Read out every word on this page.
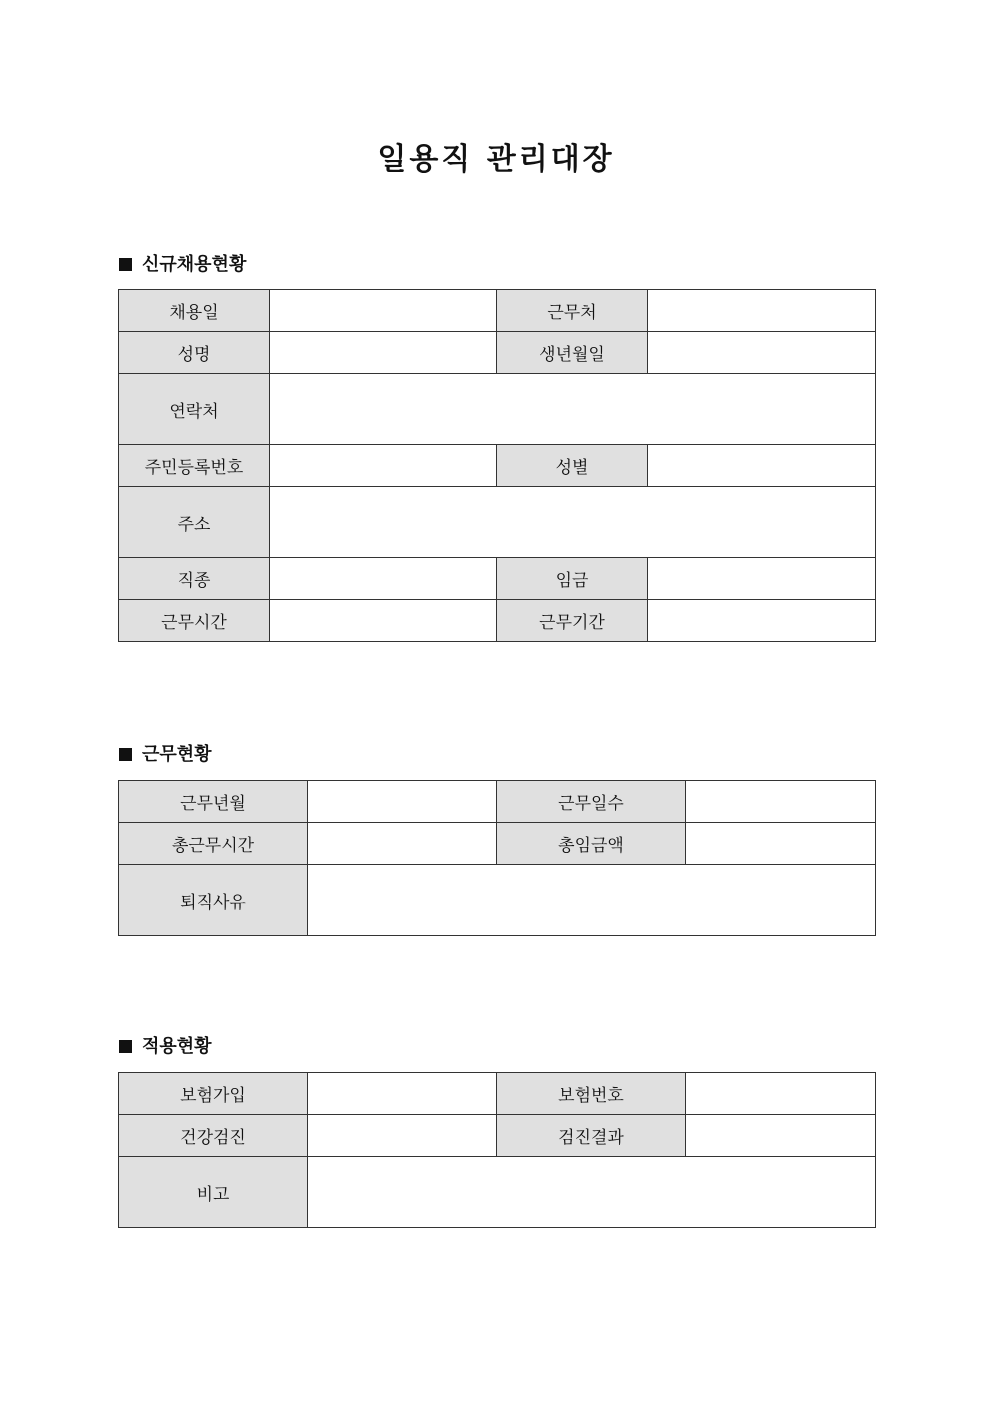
일용직 관리대장
신규채용현황
채용일		근무처	
성명		생년월일	
연락처			
주민등록번호		성별	
주소			
직종		임금	
근무시간		근무기간	
근무현황
근무년월		근무일수	
총근무시간		총임금액	
퇴직사유			
적용현황
보험가입		보험번호	
건강검진		검진결과	
비고			
